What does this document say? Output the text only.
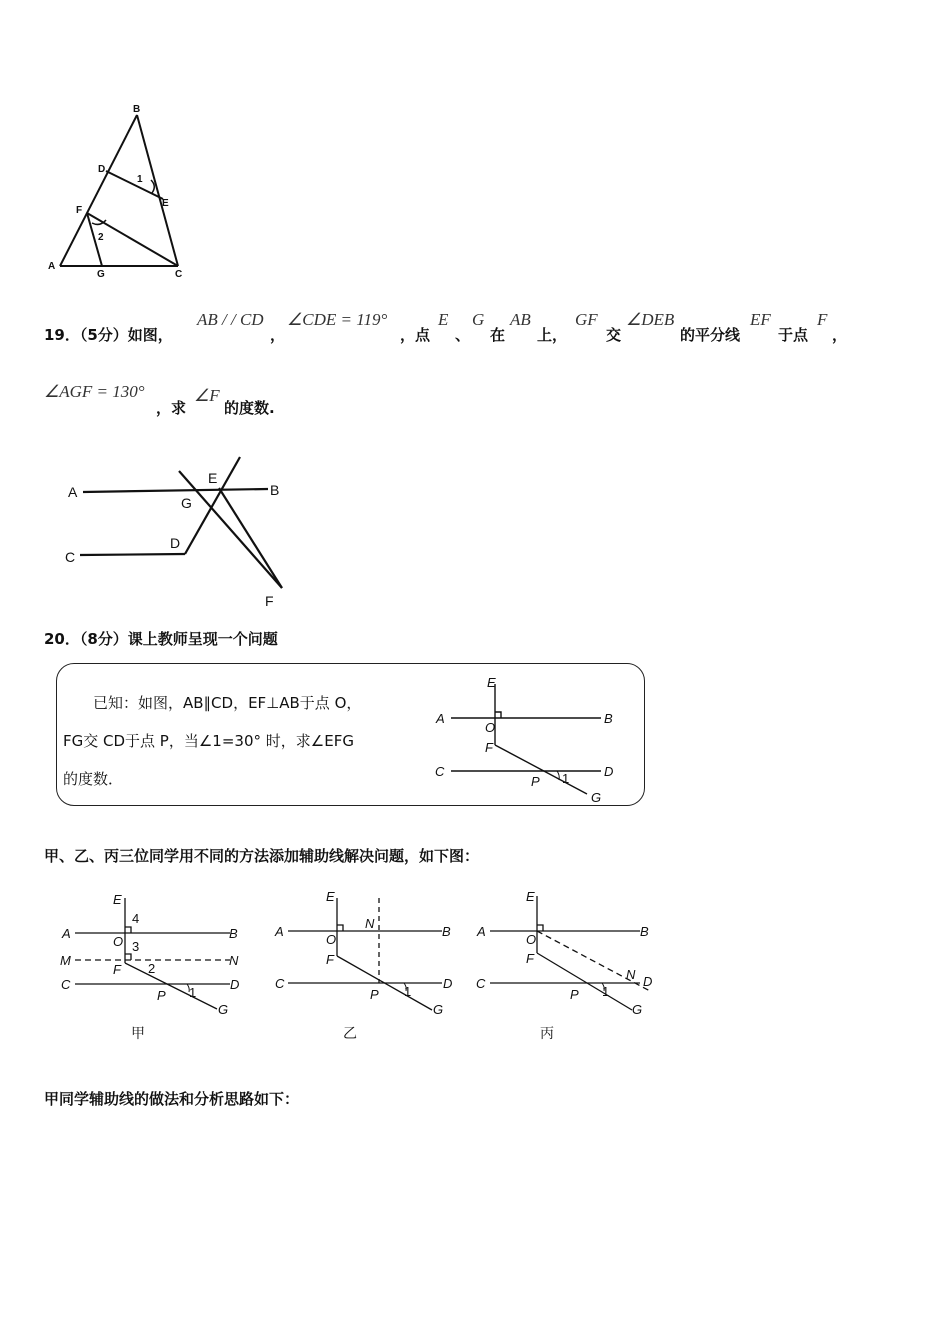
B
D
1
E
F
2
A
G	C
19．（5分）如图，
AB / / CD
，
∠CDE = 119°
，点
E
、
G
在
AB
上，
GF
交
∠DEB
的平分线
EF
于点
F
，
∠AGF = 130°
，求
∠F
的度数.
A	B
E
G
C
D
F
20．（8分）课上教师呈现一个问题
已知：如图，AB∥CD，EF⊥AB于点 O，
FG交 CD于点 P，当∠1=30° 时，求∠EFG
的度数．
E
A
O
B
F
C	D
P 1
G
甲、乙、丙三位同学用不同的方法添加辅助线解决问题，如下图：
E
4
A	B
O 3
M	N
F 2
C	D
P 1
G
甲
E
N
A	B
O
F
C	D
P 1
G
乙
E
A	B
O
F
N
C	D
P 1
G
丙
甲同学辅助线的做法和分析思路如下：
